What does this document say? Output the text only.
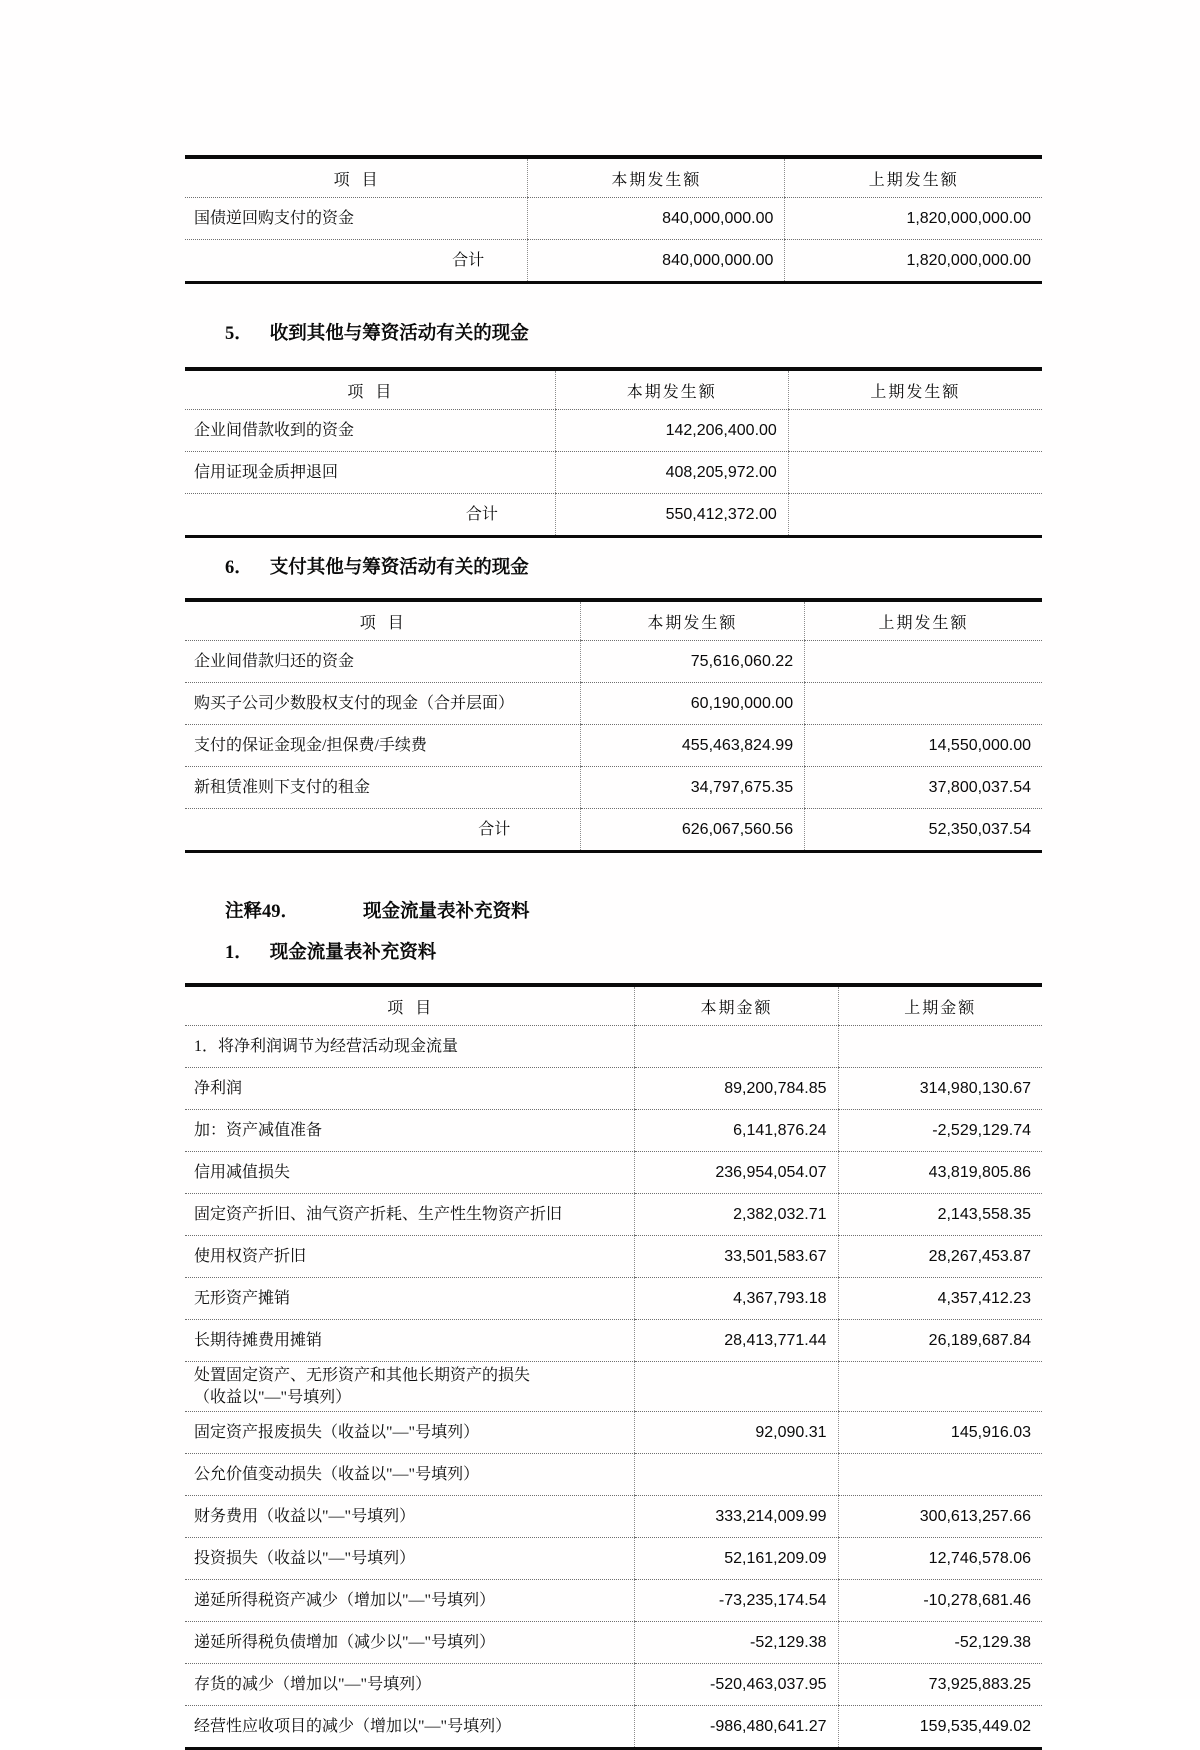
项目	本期发生额	上期发生额
国债逆回购支付的资金	840,000,000.00	1,820,000,000.00
合计	840,000,000.00	1,820,000,000.00
5． 收到其他与筹资活动有关的现金
项目	本期发生额	上期发生额
企业间借款收到的资金	142,206,400.00	
信用证现金质押退回	408,205,972.00	
合计	550,412,372.00	
6． 支付其他与筹资活动有关的现金
项目	本期发生额	上期发生额
企业间借款归还的资金	75,616,060.22	
购买子公司少数股权支付的现金（合并层面）	60,190,000.00	
支付的保证金现金/担保费/手续费	455,463,824.99	14,550,000.00
新租赁准则下支付的租金	34,797,675.35	37,800,037.54
合计	626,067,560.56	52,350,037.54
注释49．	现金流量表补充资料
1． 现金流量表补充资料
项目	本期金额	上期金额
1．将净利润调节为经营活动现金流量		
净利润	89,200,784.85	314,980,130.67
加：资产减值准备	6,141,876.24	-2,529,129.74
信用减值损失	236,954,054.07	43,819,805.86
固定资产折旧、油气资产折耗、生产性生物资产折旧	2,382,032.71	2,143,558.35
使用权资产折旧	33,501,583.67	28,267,453.87
无形资产摊销	4,367,793.18	4,357,412.23
长期待摊费用摊销	28,413,771.44	26,189,687.84
处置固定资产、无形资产和其他长期资产的损失
（收益以"—"号填列）		
固定资产报废损失（收益以"—"号填列）	92,090.31	145,916.03
公允价值变动损失（收益以"—"号填列）		
财务费用（收益以"—"号填列）	333,214,009.99	300,613,257.66
投资损失（收益以"—"号填列）	52,161,209.09	12,746,578.06
递延所得税资产减少（增加以"—"号填列）	-73,235,174.54	-10,278,681.46
递延所得税负债增加（减少以"—"号填列）	-52,129.38	-52,129.38
存货的减少（增加以"—"号填列）	-520,463,037.95	73,925,883.25
经营性应收项目的减少（增加以"—"号填列）	-986,480,641.27	159,535,449.02
